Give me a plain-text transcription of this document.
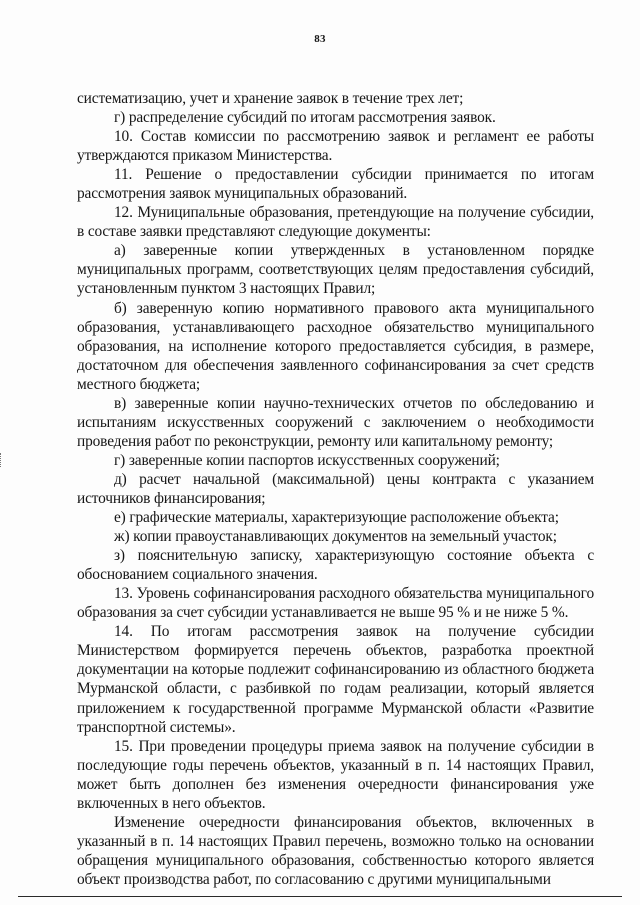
83

систематизацию, учет и хранение заявок в течение трех лет;

г) распределение субсидий по итогам рассмотрения заявок.

10. Состав комиссии по рассмотрению заявок и регламент ее работы утверждаются приказом Министерства.

11. Решение о предоставлении субсидии принимается по итогам рассмотрения заявок муниципальных образований.

12. Муниципальные образования, претендующие на получение субсидии, в составе заявки представляют следующие документы:

а) заверенные копии утвержденных в установленном порядке муниципальных программ, соответствующих целям предоставления субсидий, установленным пунктом 3 настоящих Правил;

б) заверенную копию нормативного правового акта муниципального образования, устанавливающего расходное обязательство муниципального образования, на исполнение которого предоставляется субсидия, в размере, достаточном для обеспечения заявленного софинансирования за счет средств местного бюджета;

в) заверенные копии научно-технических отчетов по обследованию и испытаниям искусственных сооружений с заключением о необходимости проведения работ по реконструкции, ремонту или капитальному ремонту;

г) заверенные копии паспортов искусственных сооружений;

д) расчет начальной (максимальной) цены контракта с указанием источников финансирования;

е) графические материалы, характеризующие расположение объекта;

ж) копии правоустанавливающих документов на земельный участок;

з) пояснительную записку, характеризующую состояние объекта с обоснованием социального значения.

13. Уровень софинансирования расходного обязательства муниципального образования за счет субсидии устанавливается не выше 95 % и не ниже 5 %.

14. По итогам рассмотрения заявок на получение субсидии Министерством формируется перечень объектов, разработка проектной документации на которые подлежит софинансированию из областного бюджета Мурманской области, с разбивкой по годам реализации, который является приложением к государственной программе Мурманской области «Развитие транспортной системы».

15. При проведении процедуры приема заявок на получение субсидии в последующие годы перечень объектов, указанный в п. 14 настоящих Правил, может быть дополнен без изменения очередности финансирования уже включенных в него объектов.

Изменение очередности финансирования объектов, включенных в указанный в п. 14 настоящих Правил перечень, возможно только на основании обращения муниципального образования, собственностью которого является объект производства работ, по согласованию с другими муниципальными
